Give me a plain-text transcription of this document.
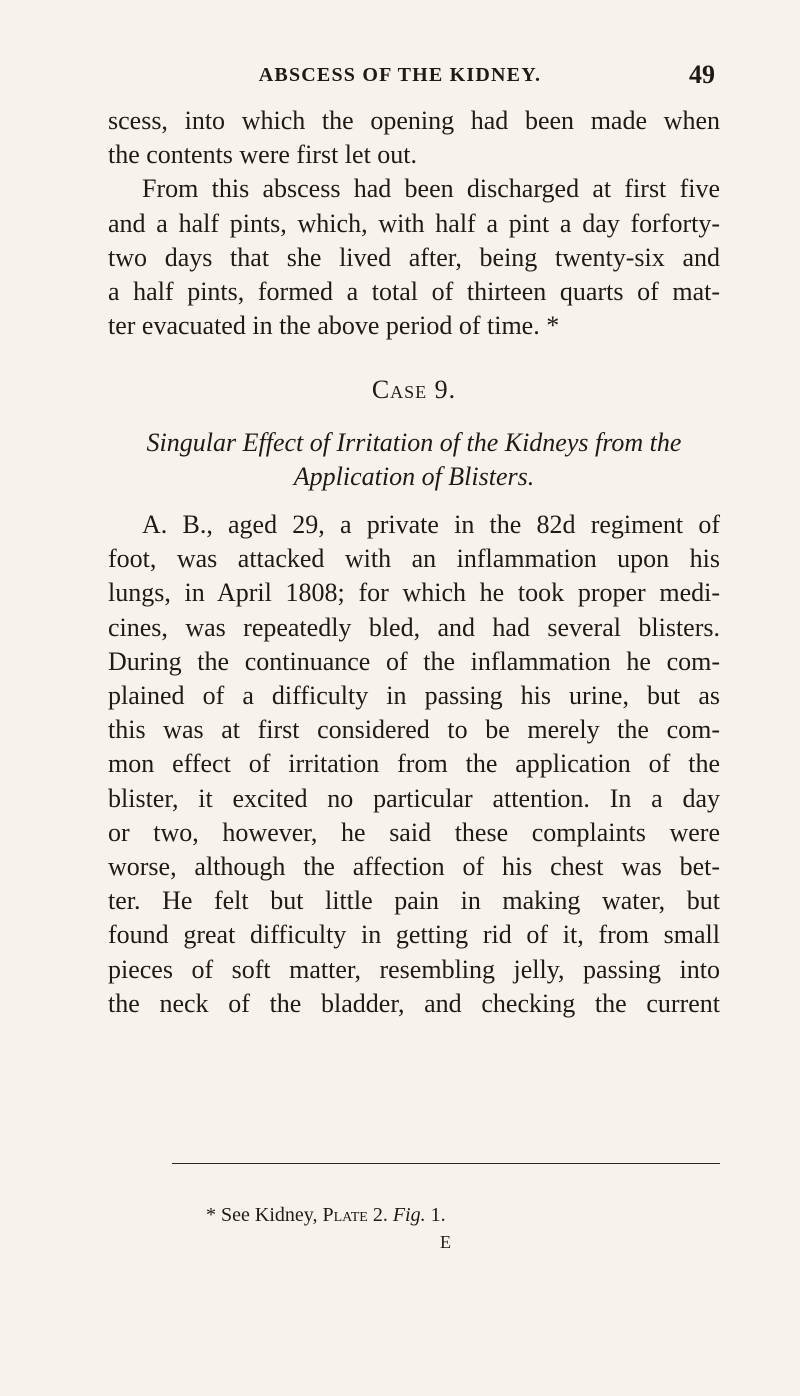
ABSCESS OF THE KIDNEY.	49
scess, into which the opening had been made when
the contents were first let out.
From this abscess had been discharged at first five
and a half pints, which, with half a pint a day forforty-
two days that she lived after, being twenty-six and
a half pints, formed a total of thirteen quarts of mat-
ter evacuated in the above period of time. *
Case 9.
Singular Effect of Irritation of the Kidneys from the
Application of Blisters.
A. B., aged 29, a private in the 82d regiment of
foot, was attacked with an inflammation upon his
lungs, in April 1808; for which he took proper medi-
cines, was repeatedly bled, and had several blisters.
During the continuance of the inflammation he com-
plained of a difficulty in passing his urine, but as
this was at first considered to be merely the com-
mon effect of irritation from the application of the
blister, it excited no particular attention. In a day
or two, however, he said these complaints were
worse, although the affection of his chest was bet-
ter. He felt but little pain in making water, but
found great difficulty in getting rid of it, from small
pieces of soft matter, resembling jelly, passing into
the neck of the bladder, and checking the current
* See Kidney, Plate 2. Fig. 1.
E
